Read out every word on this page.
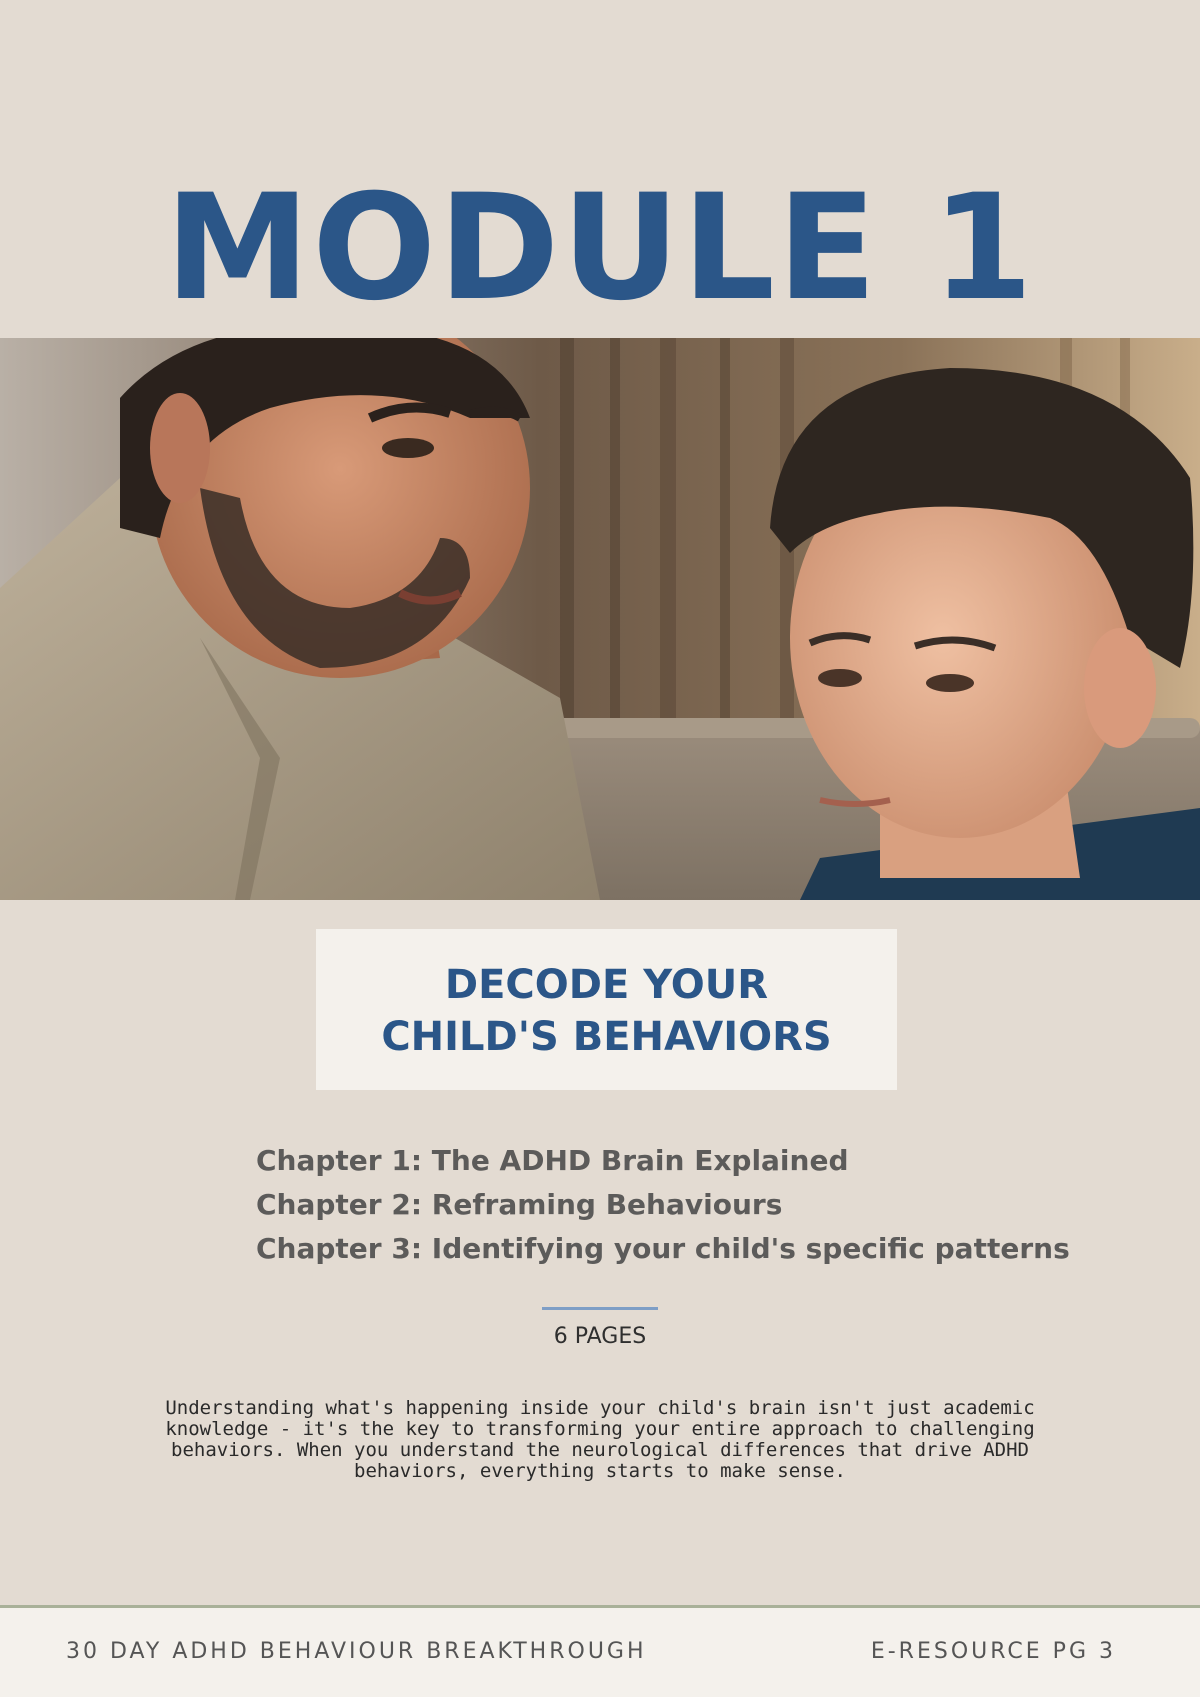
MODULE 1
DECODE YOUR
CHILD'S BEHAVIORS
Chapter 1: The ADHD Brain Explained
Chapter 2: Reframing Behaviours
Chapter 3: Identifying your child's specific patterns
6 PAGES

Understanding what's happening inside your child's brain isn't just academic
knowledge - it's the key to transforming your entire approach to challenging
behaviors. When you understand the neurological differences that drive ADHD
behaviors, everything starts to make sense.

30 DAY ADHD BEHAVIOUR BREAKTHROUGH	E-RESOURCE PG 3
